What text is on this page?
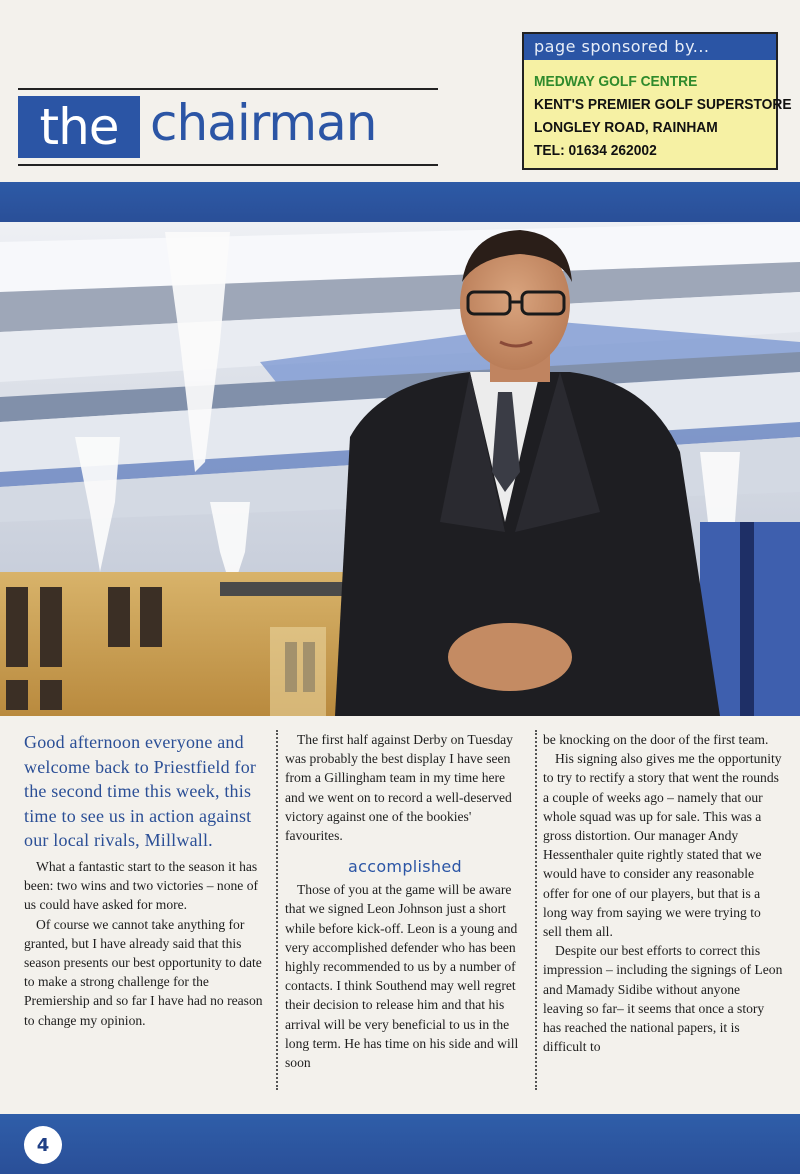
the chairman
page sponsored by...
MEDWAY GOLF CENTRE
KENT'S PREMIER GOLF SUPERSTORE
LONGLEY ROAD, RAINHAM
TEL: 01634 262002

Good afternoon everyone and welcome back to Priestfield for the second time this week, this time to see us in action against our local rivals, Millwall.

What a fantastic start to the season it has been: two wins and two victories – none of us could have asked for more.

Of course we cannot take anything for granted, but I have already said that this season presents our best opportunity to date to make a strong challenge for the Premiership and so far I have had no reason to change my opinion.

The first half against Derby on Tuesday was probably the best display I have seen from a Gillingham team in my time here and we went on to record a well-deserved victory against one of the bookies' favourites.

accomplished

Those of you at the game will be aware that we signed Leon Johnson just a short while before kick-off. Leon is a young and very accomplished defender who has been highly recommended to us by a number of contacts. I think Southend may well regret their decision to release him and that his arrival will be very beneficial to us in the long term. He has time on his side and will soon

be knocking on the door of the first team.

His signing also gives me the opportunity to try to rectify a story that went the rounds a couple of weeks ago – namely that our whole squad was up for sale. This was a gross distortion. Our manager Andy Hessenthaler quite rightly stated that we would have to consider any reasonable offer for one of our players, but that is a long way from saying we were trying to sell them all.

Despite our best efforts to correct this impression – including the signings of Leon and Mamady Sidibe without anyone leaving so far– it seems that once a story has reached the national papers, it is difficult to

4
